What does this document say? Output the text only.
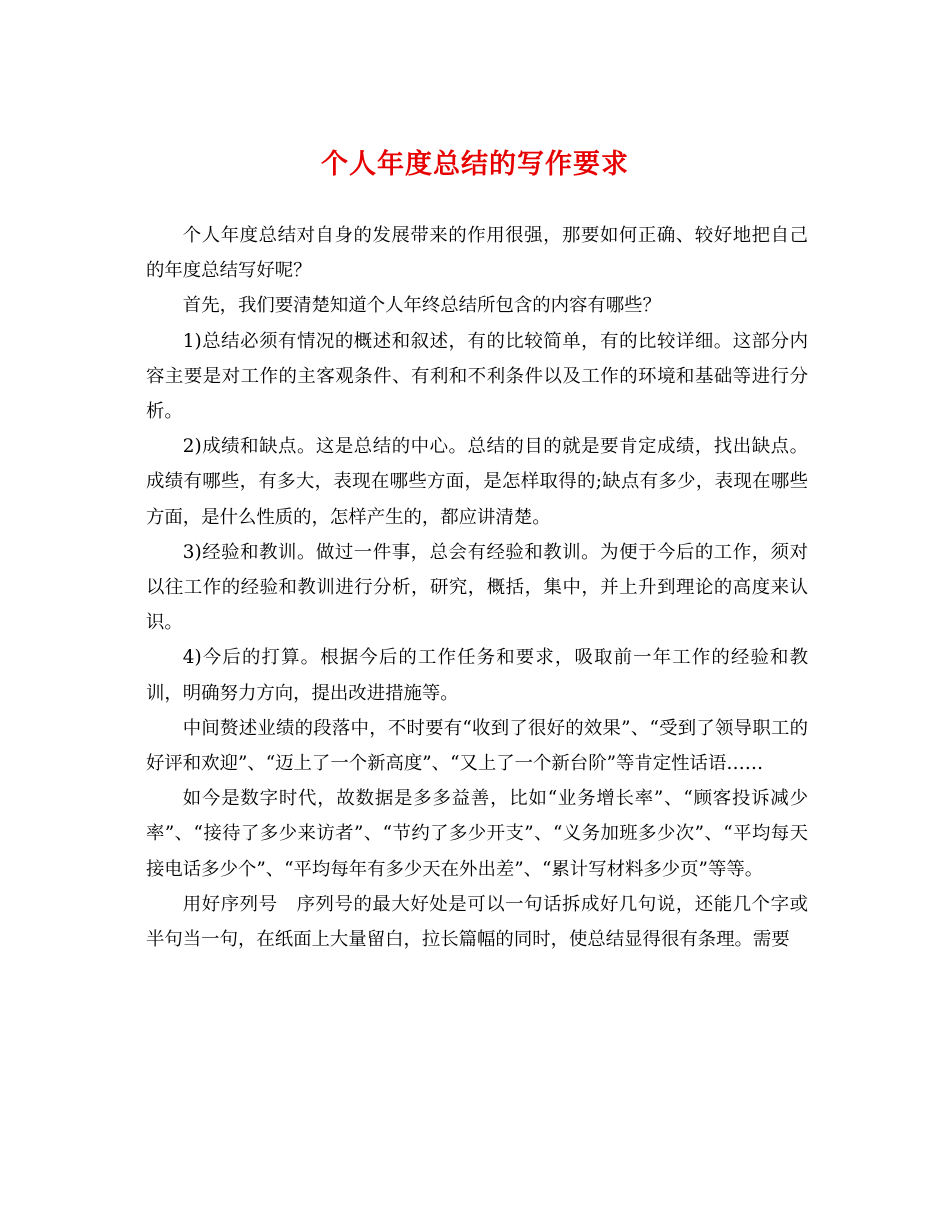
个人年度总结的写作要求

个人年度总结对自身的发展带来的作用很强，那要如何正确、较好地把自己的年度总结写好呢？

首先，我们要清楚知道个人年终总结所包含的内容有哪些？

1)总结必须有情况的概述和叙述，有的比较简单，有的比较详细。这部分内容主要是对工作的主客观条件、有利和不利条件以及工作的环境和基础等进行分析。

2)成绩和缺点。这是总结的中心。总结的目的就是要肯定成绩，找出缺点。成绩有哪些，有多大，表现在哪些方面，是怎样取得的;缺点有多少，表现在哪些方面，是什么性质的，怎样产生的，都应讲清楚。

3)经验和教训。做过一件事，总会有经验和教训。为便于今后的工作，须对以往工作的经验和教训进行分析，研究，概括，集中，并上升到理论的高度来认识。

4)今后的打算。根据今后的工作任务和要求，吸取前一年工作的经验和教训，明确努力方向，提出改进措施等。

中间赘述业绩的段落中，不时要有“收到了很好的效果”、“受到了领导职工的好评和欢迎”、“迈上了一个新高度”、“又上了一个新台阶”等肯定性话语……

如今是数字时代，故数据是多多益善，比如“业务增长率”、“顾客投诉减少率”、“接待了多少来访者”、“节约了多少开支”、“义务加班多少次”、“平均每天接电话多少个”、“平均每年有多少天在外出差”、“累计写材料多少页”等等。

用好序列号　序列号的最大好处是可以一句话拆成好几句说，还能几个字或半句当一句，在纸面上大量留白，拉长篇幅的同时，使总结显得很有条理。需要
